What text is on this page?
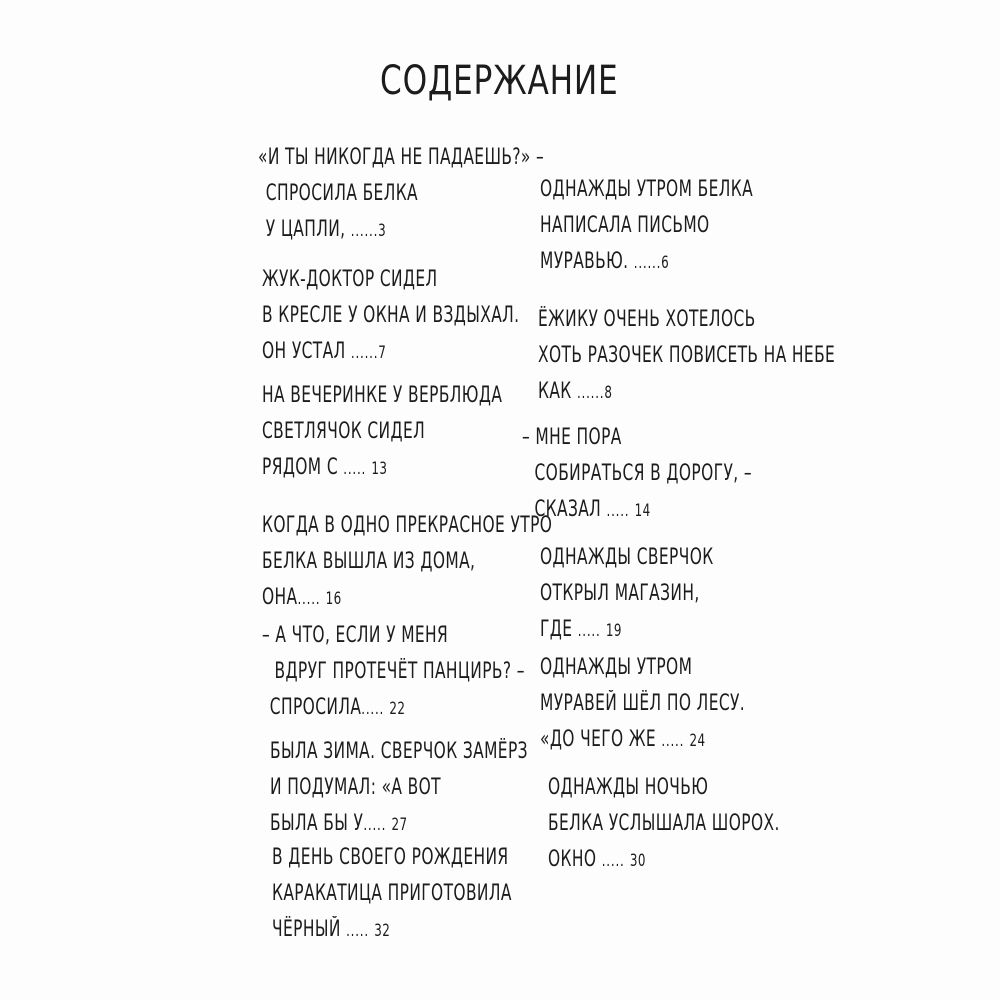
СОДЕРЖАНИЕ
«И ТЫ НИКОГДА НЕ ПАДАЕШЬ?» –
СПРОСИЛА БЕЛКА
У ЦАПЛИ, ......3
ЖУК-ДОКТОР СИДЕЛ
В КРЕСЛЕ У ОКНА И ВЗДЫХАЛ.
ОН УСТАЛ ......7
НА ВЕЧЕРИНКЕ У ВЕРБЛЮДА
СВЕТЛЯЧОК СИДЕЛ
РЯДОМ С ..... 13
КОГДА В ОДНО ПРЕКРАСНОЕ УТРО
БЕЛКА ВЫШЛА ИЗ ДОМА,
ОНА..... 16
– А ЧТО, ЕСЛИ У МЕНЯ
ВДРУГ ПРОТЕЧЁТ ПАНЦИРЬ? –
СПРОСИЛА..... 22
БЫЛА ЗИМА. СВЕРЧОК ЗАМЁРЗ
И ПОДУМАЛ: «А ВОТ
БЫЛА БЫ У..... 27
В ДЕНЬ СВОЕГО РОЖДЕНИЯ
КАРАКАТИЦА ПРИГОТОВИЛА
ЧЁРНЫЙ ..... 32
ОДНАЖДЫ УТРОМ БЕЛКА
НАПИСАЛА ПИСЬМО
МУРАВЬЮ. ......6
ЁЖИКУ ОЧЕНЬ ХОТЕЛОСЬ
ХОТЬ РАЗОЧЕК ПОВИСЕТЬ НА НЕБЕ
КАК ......8
– МНЕ ПОРА
СОБИРАТЬСЯ В ДОРОГУ, –
СКАЗАЛ ..... 14
ОДНАЖДЫ СВЕРЧОК
ОТКРЫЛ МАГАЗИН,
ГДЕ ..... 19
ОДНАЖДЫ УТРОМ
МУРАВЕЙ ШЁЛ ПО ЛЕСУ.
«ДО ЧЕГО ЖЕ ..... 24
ОДНАЖДЫ НОЧЬЮ
БЕЛКА УСЛЫШАЛА ШОРОХ.
ОКНО ..... 30
